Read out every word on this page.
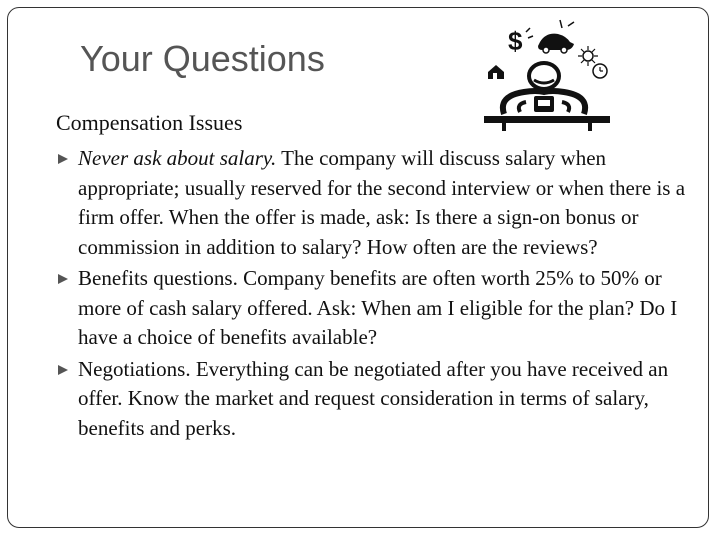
Your Questions	$
Compensation Issues
Never ask about salary. The company will discuss salary when appropriate; usually reserved for the second interview or when there is a firm offer. When the offer is made, ask: Is there a sign-on bonus or commission in addition to salary? How often are the reviews?
Benefits questions. Company benefits are often worth 25% to 50% or more of cash salary offered. Ask: When am I eligible for the plan? Do I have a choice of benefits available?
Negotiations. Everything can be negotiated after you have received an offer. Know the market and request consideration in terms of salary, benefits and perks.
